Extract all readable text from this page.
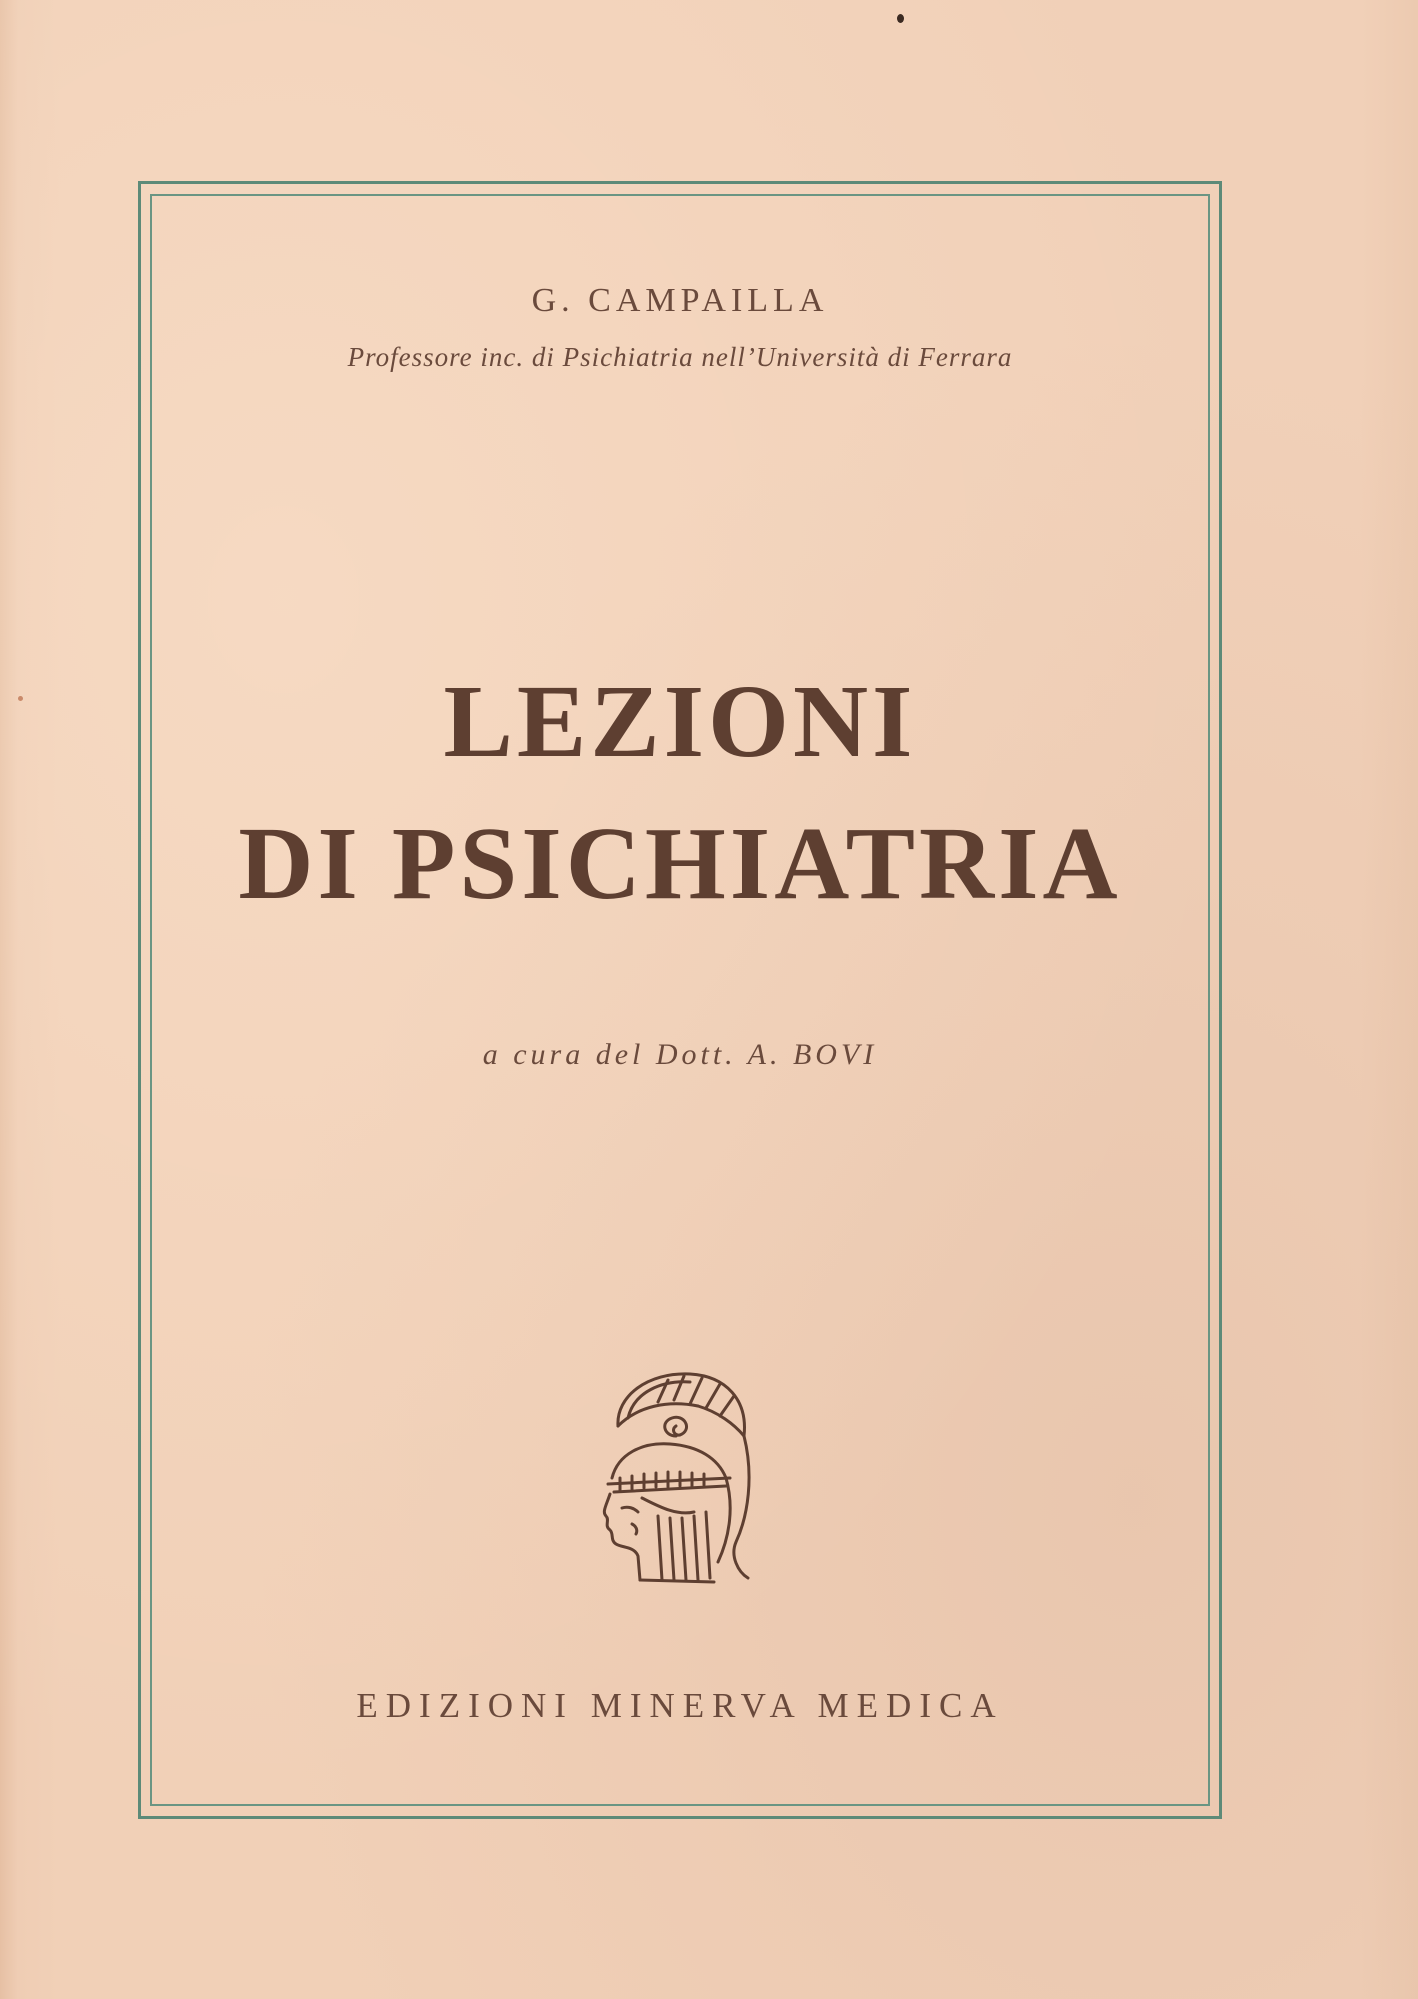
G. CAMPAILLA
Professore inc. di Psichiatria nell’Università di Ferrara
LEZIONI
DI PSICHIATRIA
a cura del Dott. A. BOVI
EDIZIONI MINERVA MEDICA
